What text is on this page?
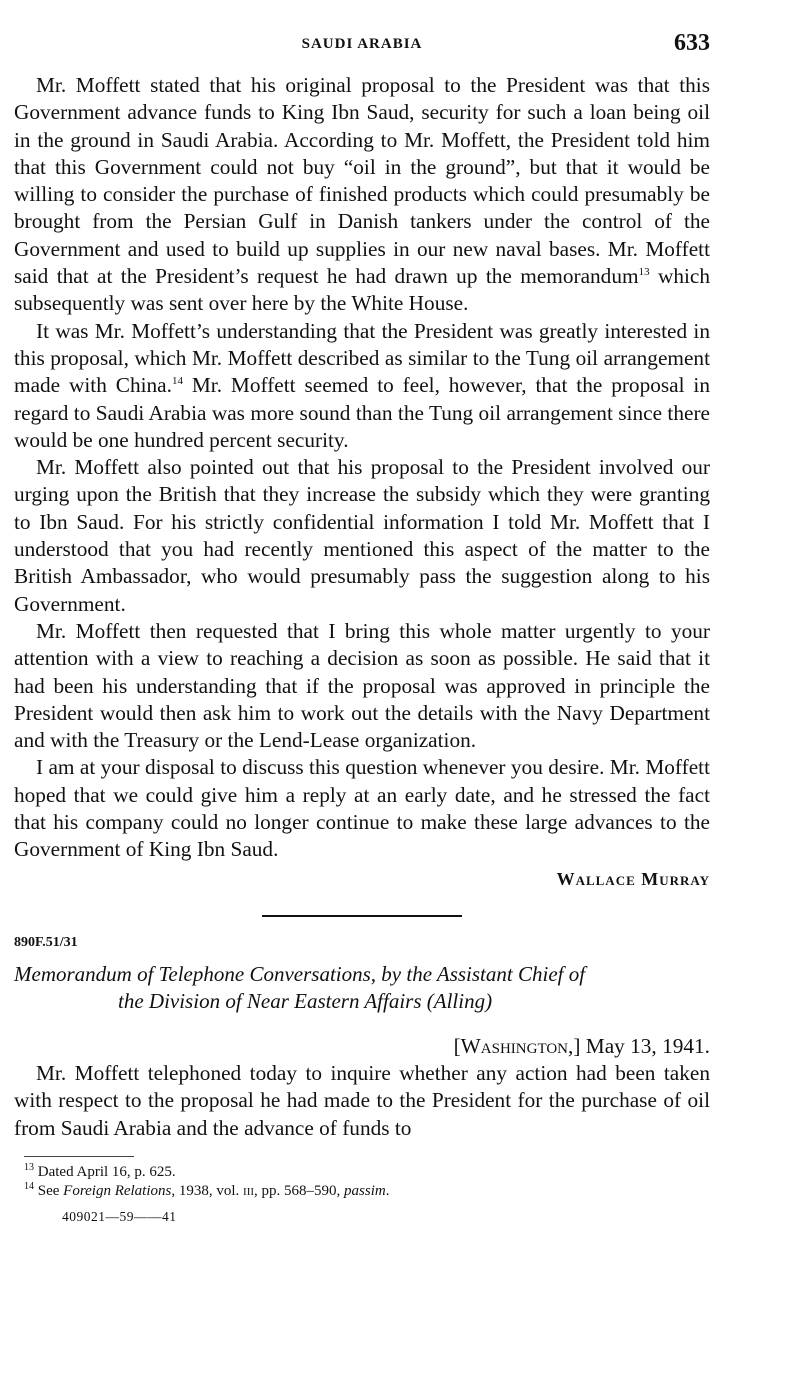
SAUDI ARABIA	633

Mr. Moffett stated that his original proposal to the President was that this Government advance funds to King Ibn Saud, security for such a loan being oil in the ground in Saudi Arabia. According to Mr. Moffett, the President told him that this Government could not buy “oil in the ground”, but that it would be willing to consider the purchase of finished products which could presumably be brought from the Persian Gulf in Danish tankers under the control of the Government and used to build up supplies in our new naval bases. Mr. Moffett said that at the President’s request he had drawn up the memorandum$^{13}$ which subsequently was sent over here by the White House.

It was Mr. Moffett’s understanding that the President was greatly interested in this proposal, which Mr. Moffett described as similar to the Tung oil arrangement made with China.$^{14}$ Mr. Moffett seemed to feel, however, that the proposal in regard to Saudi Arabia was more sound than the Tung oil arrangement since there would be one hundred percent security.

Mr. Moffett also pointed out that his proposal to the President involved our urging upon the British that they increase the subsidy which they were granting to Ibn Saud. For his strictly confidential information I told Mr. Moffett that I understood that you had recently mentioned this aspect of the matter to the British Ambassador, who would presumably pass the suggestion along to his Government.

Mr. Moffett then requested that I bring this whole matter urgently to your attention with a view to reaching a decision as soon as possible. He said that it had been his understanding that if the proposal was approved in principle the President would then ask him to work out the details with the Navy Department and with the Treasury or the Lend-Lease organization.

I am at your disposal to discuss this question whenever you desire. Mr. Moffett hoped that we could give him a reply at an early date, and he stressed the fact that his company could no longer continue to make these large advances to the Government of King Ibn Saud.

Wallace Murray
890F.51/31
Memorandum of Telephone Conversations, by the Assistant Chief of
the Division of Near Eastern Affairs (Alling)
[Washington,] May 13, 1941.

Mr. Moffett telephoned today to inquire whether any action had been taken with respect to the proposal he had made to the President for the purchase of oil from Saudi Arabia and the advance of funds to

$^{13}$ Dated April 16, p. 625.
$^{14}$ See Foreign Relations, 1938, vol. iii, pp. 568–590, passim.
409021—59——41
